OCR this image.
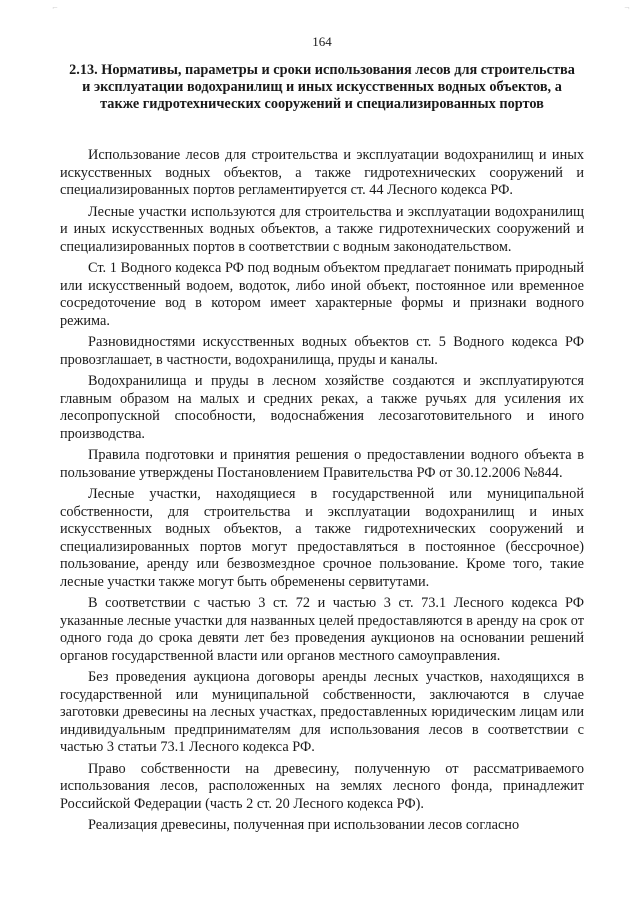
⌐	¬
164
2.13. Нормативы, параметры и сроки использования лесов для строительства и эксплуатации водохранилищ и иных искусственных водных объектов, а также гидротехнических сооружений и специализированных портов

Использование лесов для строительства и эксплуатации водохранилищ и иных искусственных водных объектов, а также гидротехнических сооружений и специализированных портов регламентируется ст. 44 Лесного кодекса РФ.

Лесные участки используются для строительства и эксплуатации водохранилищ и иных искусственных водных объектов, а также гидротехнических сооружений и специализированных портов в соответствии с водным законодательством.

Ст. 1 Водного кодекса РФ под водным объектом предлагает понимать природный или искусственный водоем, водоток, либо иной объект, постоянное или временное сосредоточение вод в котором имеет характерные формы и признаки водного режима.

Разновидностями искусственных водных объектов ст. 5 Водного кодекса РФ провозглашает, в частности, водохранилища, пруды и каналы.

Водохранилища и пруды в лесном хозяйстве создаются и эксплуатируются главным образом на малых и средних реках, а также ручьях для усиления их лесопропускной способности, водоснабжения лесозаготовительного и иного производства.

Правила подготовки и принятия решения о предоставлении водного объекта в пользование утверждены Постановлением Правительства РФ от 30.12.2006 №844.

Лесные участки, находящиеся в государственной или муниципальной собственности, для строительства и эксплуатации водохранилищ и иных искусственных водных объектов, а также гидротехнических сооружений и специализированных портов могут предоставляться в постоянное (бессрочное) пользование, аренду или безвозмездное срочное пользование. Кроме того, такие лесные участки также могут быть обременены сервитутами.

В соответствии с частью 3 ст. 72 и частью 3 ст. 73.1 Лесного кодекса РФ указанные лесные участки для названных целей предоставляются в аренду на срок от одного года до срока девяти лет без проведения аукционов на основании решений органов государственной власти или органов местного самоуправления.

Без проведения аукциона договоры аренды лесных участков, находящихся в государственной или муниципальной собственности, заключаются в случае заготовки древесины на лесных участках, предоставленных юридическим лицам или индивидуальным предпринимателям для использования лесов в соответствии с частью 3 статьи 73.1 Лесного кодекса РФ.

Право собственности на древесину, полученную от рассматриваемого использования лесов, расположенных на землях лесного фонда, принадлежит Российской Федерации (часть 2 ст. 20 Лесного кодекса РФ).

Реализация древесины, полученная при использовании лесов согласно
